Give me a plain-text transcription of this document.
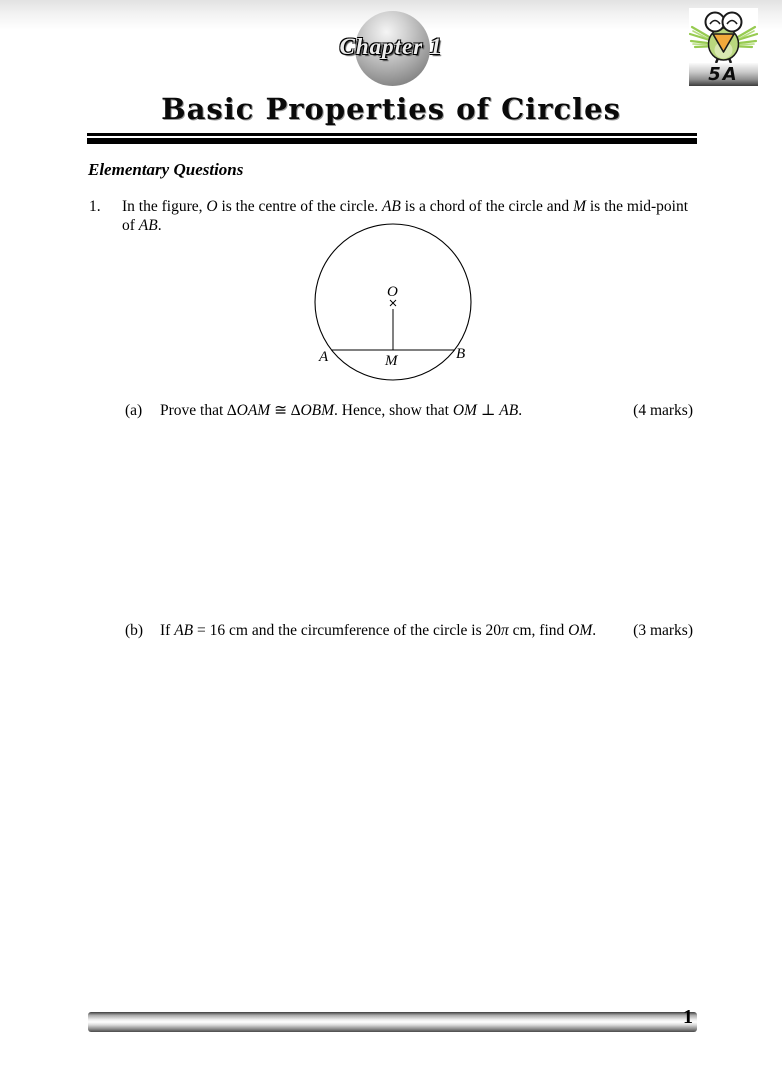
Chapter 1
5A
Basic Properties of Circles
Elementary Questions
1.	In the figure, O is the centre of the circle. AB is a chord of the circle and M is the mid-point of AB.
O
A	B
M
(a)	Prove that ∆OAM ≅ ∆OBM. Hence, show that OM ⊥ AB.	(4 marks)
(b)	If AB = 16 cm and the circumference of the circle is 20π cm, find OM.	(3 marks)
1
